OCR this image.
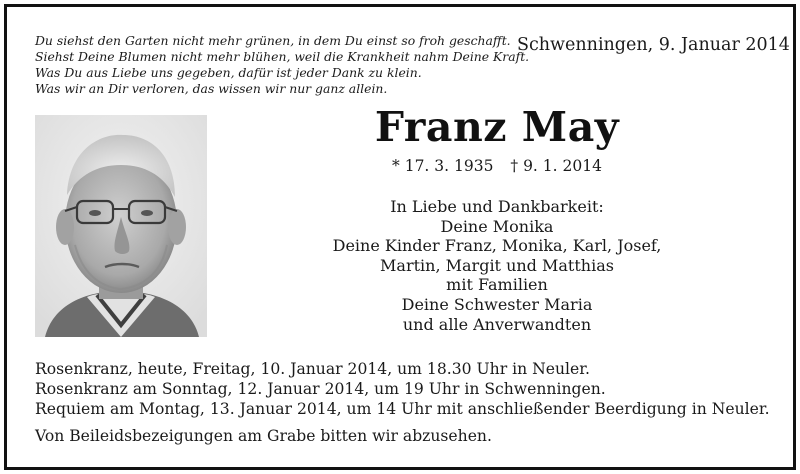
Du siehst den Garten nicht mehr grünen, in dem Du einst so froh geschafft.
Siehst Deine Blumen nicht mehr blühen, weil die Krankheit nahm Deine Kraft.
Was Du aus Liebe uns gegeben, dafür ist jeder Dank zu klein.
Was wir an Dir verloren, das wissen wir nur ganz allein.
Schwenningen, 9. Januar 2014
Franz May
* 17. 3. 1935 † 9. 1. 2014
In Liebe und Dankbarkeit:
Deine Monika
Deine Kinder Franz, Monika, Karl, Josef,
Martin, Margit und Matthias
mit Familien
Deine Schwester Maria
und alle Anverwandten
Rosenkranz, heute, Freitag, 10. Januar 2014, um 18.30 Uhr in Neuler.
Rosenkranz am Sonntag, 12. Januar 2014, um 19 Uhr in Schwenningen.
Requiem am Montag, 13. Januar 2014, um 14 Uhr mit anschließender Beerdigung in Neuler.
Von Beileidsbezeigungen am Grabe bitten wir abzusehen.
